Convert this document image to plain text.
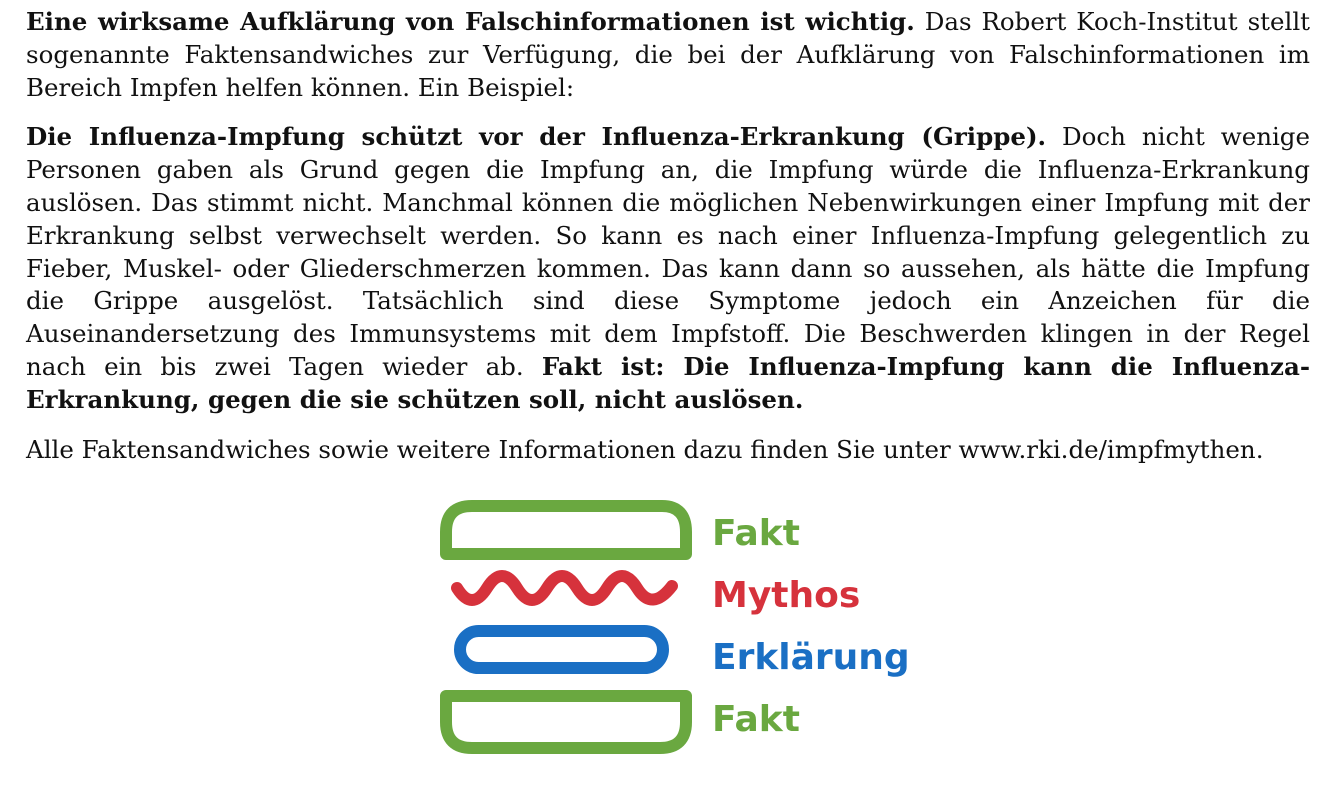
Eine wirksame Aufklärung von Falschinformationen ist wichtig. Das Robert Koch-Institut stellt sogenannte Faktensandwiches zur Verfügung, die bei der Aufklärung von Falschinformationen im Bereich Impfen helfen können. Ein Beispiel:

Die Influenza-Impfung schützt vor der Influenza-Erkrankung (Grippe). Doch nicht wenige Personen gaben als Grund gegen die Impfung an, die Impfung würde die Influenza-Erkrankung auslösen. Das stimmt nicht. Manchmal können die möglichen Nebenwirkungen einer Impfung mit der Erkrankung selbst verwechselt werden. So kann es nach einer Influenza-Impfung gelegentlich zu Fieber, Muskel- oder Gliederschmerzen kommen. Das kann dann so aussehen, als hätte die Impfung die Grippe ausgelöst. Tatsächlich sind diese Symptome jedoch ein Anzeichen für die Auseinandersetzung des Immunsystems mit dem Impfstoff. Die Beschwerden klingen in der Regel nach ein bis zwei Tagen wieder ab. Fakt ist: Die Influenza-Impfung kann die Influenza-Erkrankung, gegen die sie schützen soll, nicht auslösen.

Alle Faktensandwiches sowie weitere Informationen dazu finden Sie unter www.rki.de/impfmythen.

Fakt
Mythos
Erklärung
Fakt
